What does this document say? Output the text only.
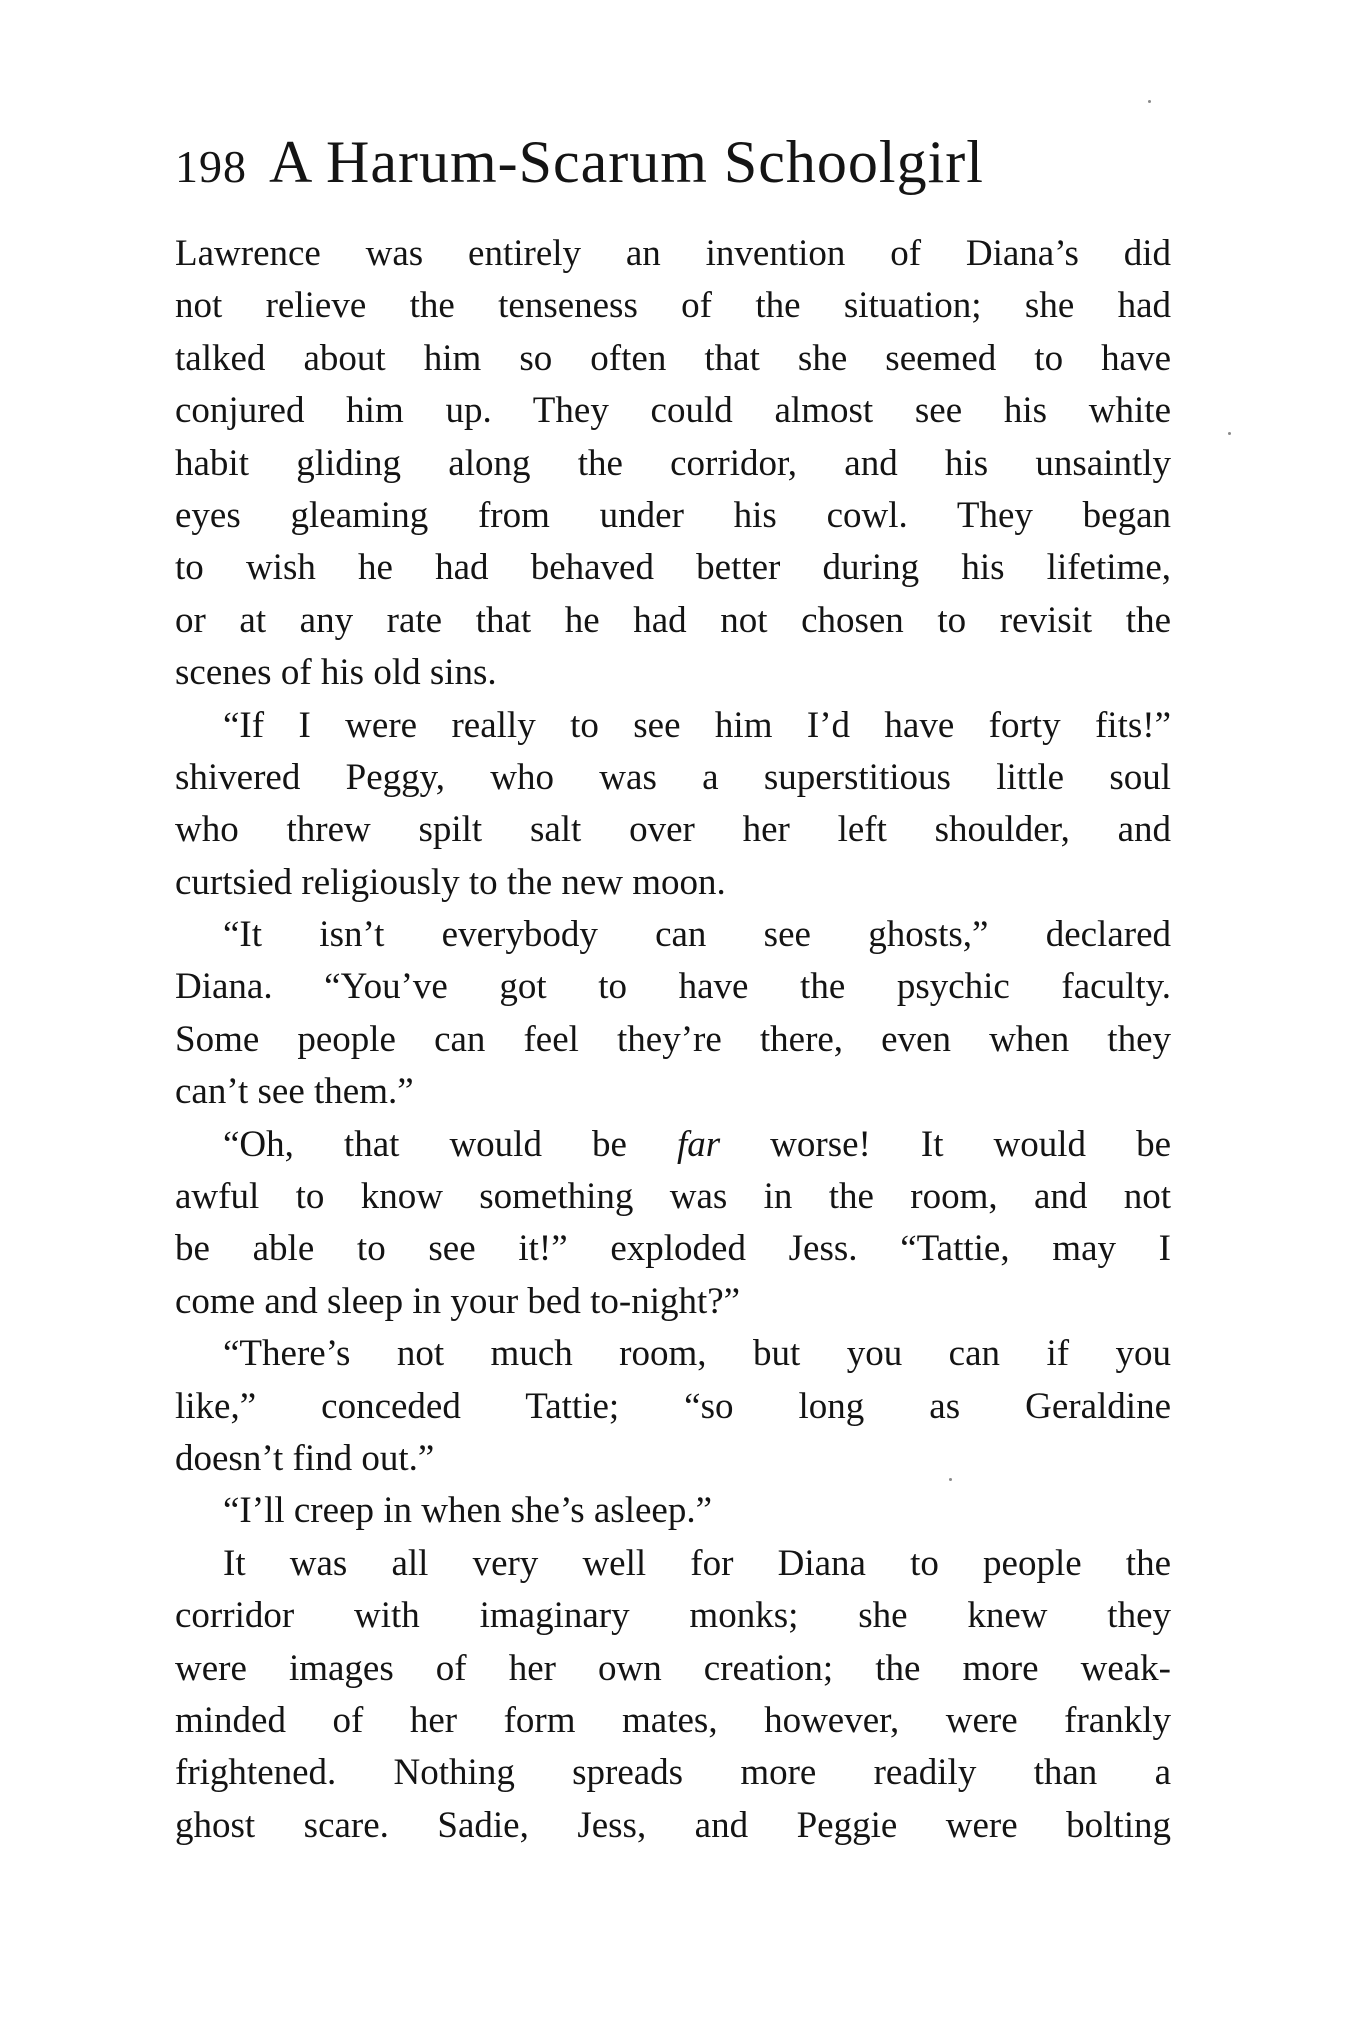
198 A Harum-Scarum Schoolgirl
Lawrence was entirely an invention of Diana’s did
not relieve the tenseness of the situation; she had
talked about him so often that she seemed to have
conjured him up. They could almost see his white
habit gliding along the corridor, and his unsaintly
eyes gleaming from under his cowl. They began
to wish he had behaved better during his lifetime,
or at any rate that he had not chosen to revisit the
scenes of his old sins.
“If I were really to see him I’d have forty fits!”
shivered Peggy, who was a superstitious little soul
who threw spilt salt over her left shoulder, and
curtsied religiously to the new moon.
“It isn’t everybody can see ghosts,” declared
Diana. “You’ve got to have the psychic faculty.
Some people can feel they’re there, even when they
can’t see them.”
“Oh, that would be far worse! It would be
awful to know something was in the room, and not
be able to see it!” exploded Jess. “Tattie, may I
come and sleep in your bed to-night?”
“There’s not much room, but you can if you
like,” conceded Tattie; “so long as Geraldine
doesn’t find out.”
“I’ll creep in when she’s asleep.”
It was all very well for Diana to people the
corridor with imaginary monks; she knew they
were images of her own creation; the more weak-
minded of her form mates, however, were frankly
frightened. Nothing spreads more readily than a
ghost scare. Sadie, Jess, and Peggie were bolting
